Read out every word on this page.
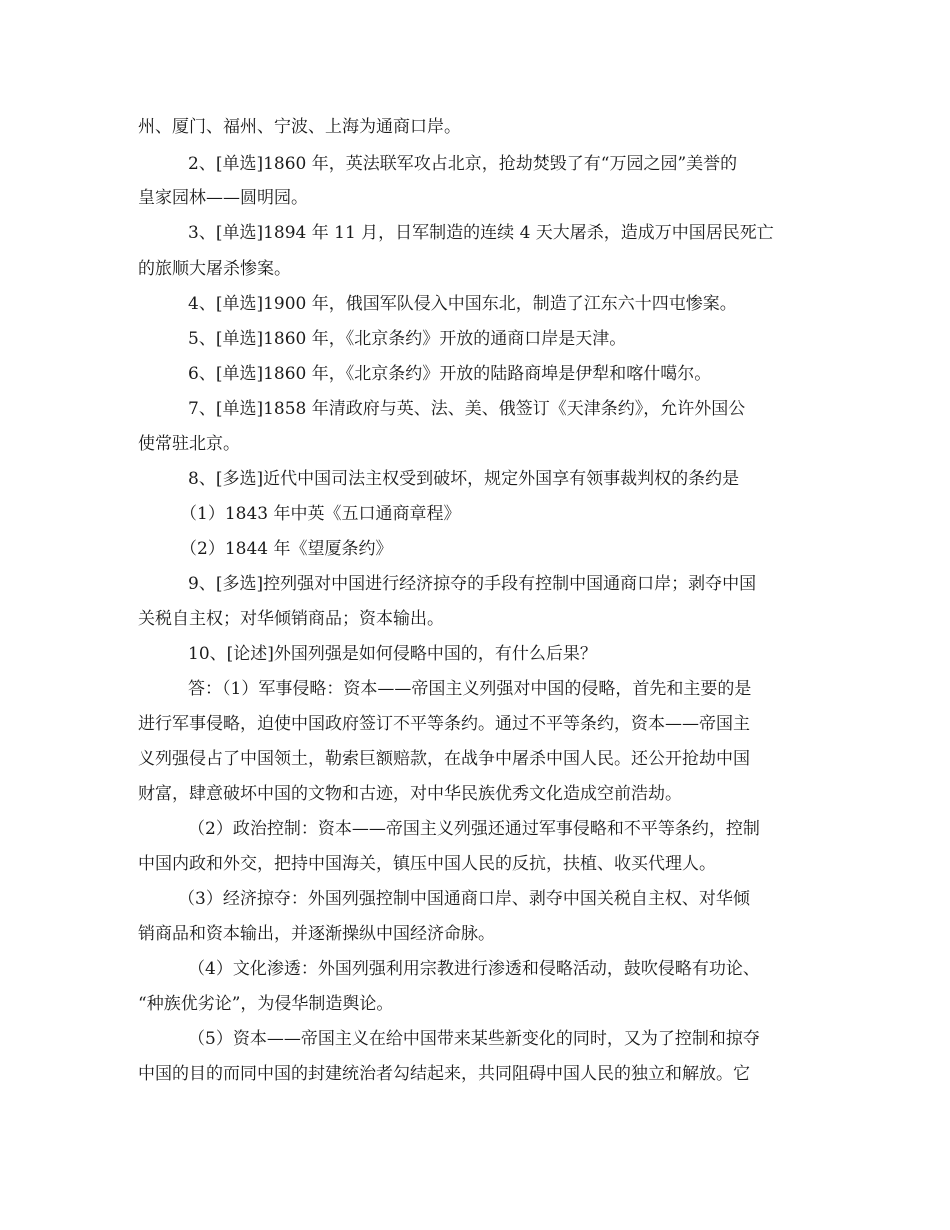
州、厦门、福州、宁波、上海为通商口岸。
2、[单选]1860 年，英法联军攻占北京，抢劫焚毁了有“万园之园”美誉的
皇家园林——圆明园。
3、[单选]1894 年 11 月，日军制造的连续 4 天大屠杀，造成万中国居民死亡
的旅顺大屠杀惨案。
4、[单选]1900 年，俄国军队侵入中国东北，制造了江东六十四屯惨案。
5、[单选]1860 年，《北京条约》开放的通商口岸是天津。
6、[单选]1860 年，《北京条约》开放的陆路商埠是伊犁和喀什噶尔。
7、[单选]1858 年清政府与英、法、美、俄签订《天津条约》，允许外国公
使常驻北京。
8、[多选]近代中国司法主权受到破坏，规定外国享有领事裁判权的条约是
（1）1843 年中英《五口通商章程》
（2）1844 年《望厦条约》
9、[多选]控列强对中国进行经济掠夺的手段有控制中国通商口岸；剥夺中国
关税自主权；对华倾销商品；资本输出。
10、[论述]外国列强是如何侵略中国的，有什么后果？
答：（1）军事侵略：资本——帝国主义列强对中国的侵略，首先和主要的是
进行军事侵略，迫使中国政府签订不平等条约。通过不平等条约，资本——帝国主
义列强侵占了中国领土，勒索巨额赔款，在战争中屠杀中国人民。还公开抢劫中国
财富，肆意破坏中国的文物和古迹，对中华民族优秀文化造成空前浩劫。
（2）政治控制：资本——帝国主义列强还通过军事侵略和不平等条约，控制
中国内政和外交，把持中国海关，镇压中国人民的反抗，扶植、收买代理人。
（3）经济掠夺：外国列强控制中国通商口岸、剥夺中国关税自主权、对华倾
销商品和资本输出，并逐渐操纵中国经济命脉。
（4）文化渗透：外国列强利用宗教进行渗透和侵略活动，鼓吹侵略有功论、
“种族优劣论”，为侵华制造舆论。
（5）资本——帝国主义在给中国带来某些新变化的同时，又为了控制和掠夺
中国的目的而同中国的封建统治者勾结起来，共同阻碍中国人民的独立和解放。它
